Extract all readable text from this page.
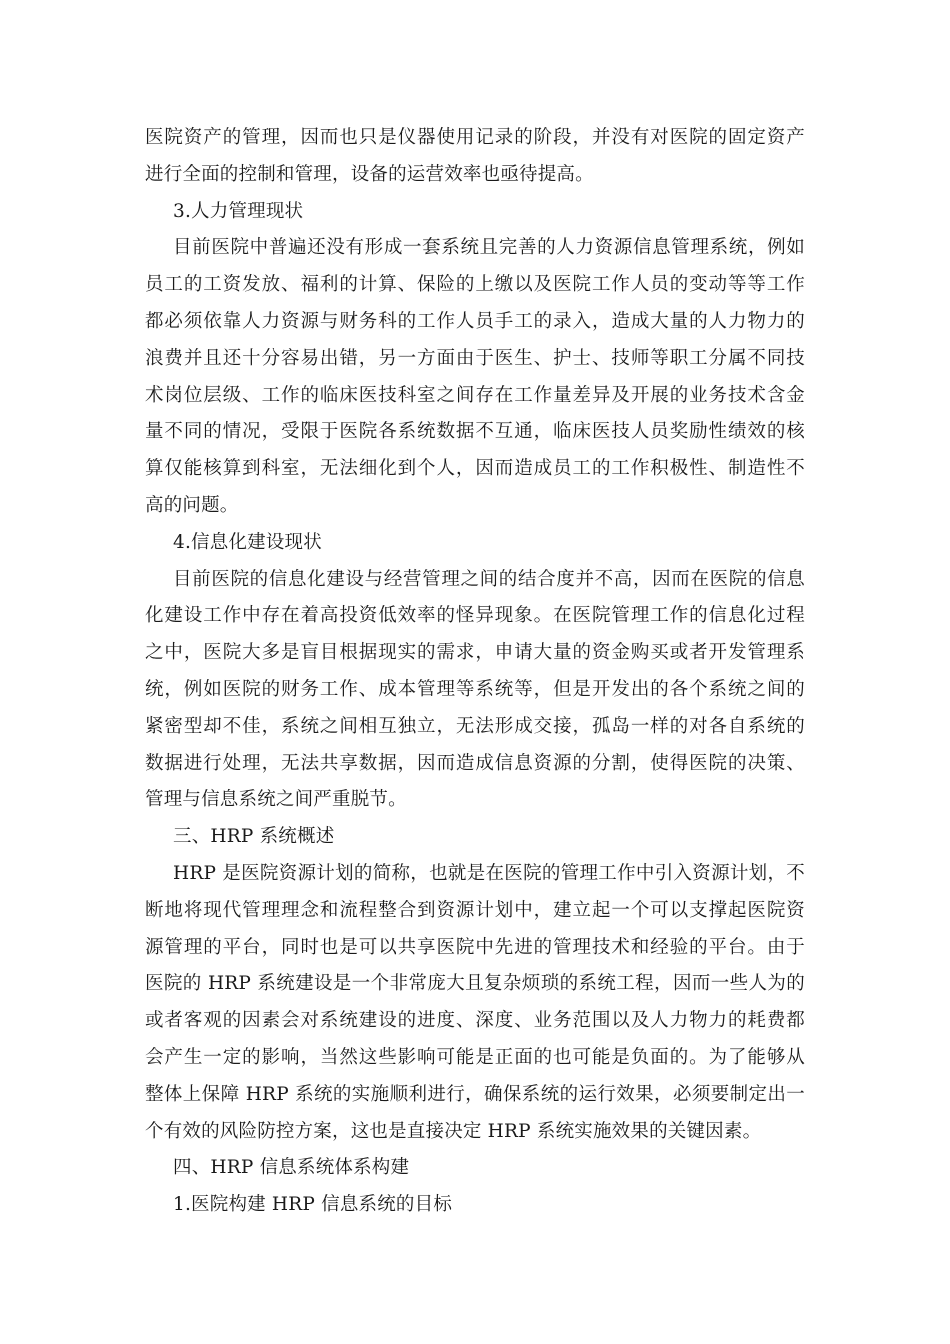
医院资产的管理，因而也只是仪器使用记录的阶段，并没有对医院的固定资产
进行全面的控制和管理，设备的运营效率也亟待提高。
3.人力管理现状
目前医院中普遍还没有形成一套系统且完善的人力资源信息管理系统，例如
员工的工资发放、福利的计算、保险的上缴以及医院工作人员的变动等等工作
都必须依靠人力资源与财务科的工作人员手工的录入，造成大量的人力物力的
浪费并且还十分容易出错，另一方面由于医生、护士、技师等职工分属不同技
术岗位层级、工作的临床医技科室之间存在工作量差异及开展的业务技术含金
量不同的情况，受限于医院各系统数据不互通，临床医技人员奖励性绩效的核
算仅能核算到科室，无法细化到个人，因而造成员工的工作积极性、制造性不
高的问题。
4.信息化建设现状
目前医院的信息化建设与经营管理之间的结合度并不高，因而在医院的信息
化建设工作中存在着高投资低效率的怪异现象。在医院管理工作的信息化过程
之中，医院大多是盲目根据现实的需求，申请大量的资金购买或者开发管理系
统，例如医院的财务工作、成本管理等系统等，但是开发出的各个系统之间的
紧密型却不佳，系统之间相互独立，无法形成交接，孤岛一样的对各自系统的
数据进行处理，无法共享数据，因而造成信息资源的分割，使得医院的决策、
管理与信息系统之间严重脱节。
三、HRP 系统概述
HRP 是医院资源计划的简称，也就是在医院的管理工作中引入资源计划，不
断地将现代管理理念和流程整合到资源计划中，建立起一个可以支撑起医院资
源管理的平台，同时也是可以共享医院中先进的管理技术和经验的平台。由于
医院的 HRP 系统建设是一个非常庞大且复杂烦琐的系统工程，因而一些人为的
或者客观的因素会对系统建设的进度、深度、业务范围以及人力物力的耗费都
会产生一定的影响，当然这些影响可能是正面的也可能是负面的。为了能够从
整体上保障 HRP 系统的实施顺利进行，确保系统的运行效果，必须要制定出一
个有效的风险防控方案，这也是直接决定 HRP 系统实施效果的关键因素。
四、HRP 信息系统体系构建
1.医院构建 HRP 信息系统的目标
